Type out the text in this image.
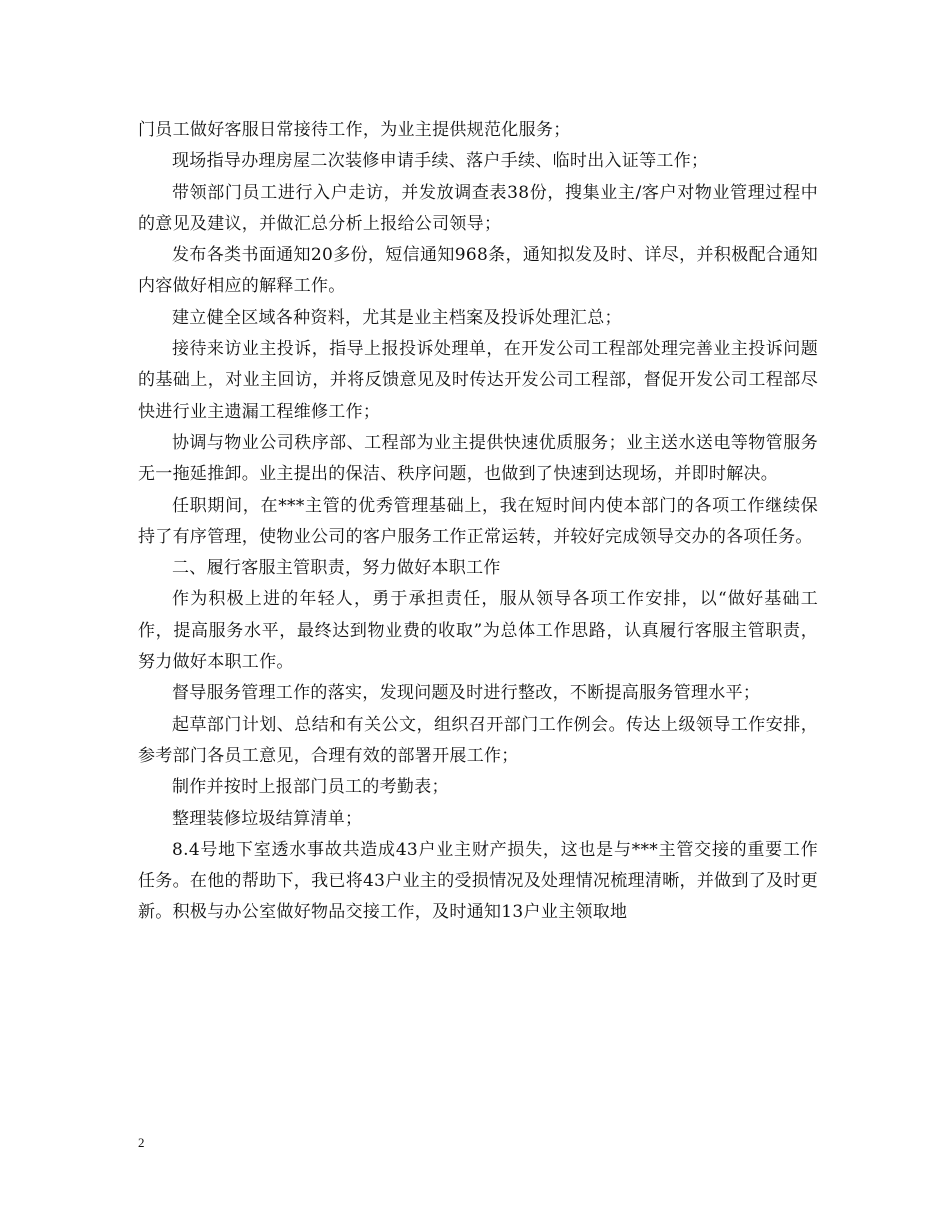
门员工做好客服日常接待工作，为业主提供规范化服务；

现场指导办理房屋二次装修申请手续、落户手续、临时出入证等工作；

带领部门员工进行入户走访，并发放调查表38份，搜集业主/客户对物业管理过程中的意见及建议，并做汇总分析上报给公司领导；

发布各类书面通知20多份，短信通知968条，通知拟发及时、详尽，并积极配合通知内容做好相应的解释工作。

建立健全区域各种资料，尤其是业主档案及投诉处理汇总；

接待来访业主投诉，指导上报投诉处理单，在开发公司工程部处理完善业主投诉问题的基础上，对业主回访，并将反馈意见及时传达开发公司工程部，督促开发公司工程部尽快进行业主遗漏工程维修工作；

协调与物业公司秩序部、工程部为业主提供快速优质服务；业主送水送电等物管服务无一拖延推卸。业主提出的保洁、秩序问题，也做到了快速到达现场，并即时解决。

任职期间，在***主管的优秀管理基础上，我在短时间内使本部门的各项工作继续保持了有序管理，使物业公司的客户服务工作正常运转，并较好完成领导交办的各项任务。

二、履行客服主管职责，努力做好本职工作

作为积极上进的年轻人，勇于承担责任，服从领导各项工作安排，以“做好基础工作，提高服务水平，最终达到物业费的收取”为总体工作思路，认真履行客服主管职责，努力做好本职工作。

督导服务管理工作的落实，发现问题及时进行整改，不断提高服务管理水平；

起草部门计划、总结和有关公文，组织召开部门工作例会。传达上级领导工作安排，参考部门各员工意见，合理有效的部署开展工作；

制作并按时上报部门员工的考勤表；

整理装修垃圾结算清单；

8.4号地下室透水事故共造成43户业主财产损失，这也是与***主管交接的重要工作任务。在他的帮助下，我已将43户业主的受损情况及处理情况梳理清晰，并做到了及时更新。积极与办公室做好物品交接工作，及时通知13户业主领取地

2
